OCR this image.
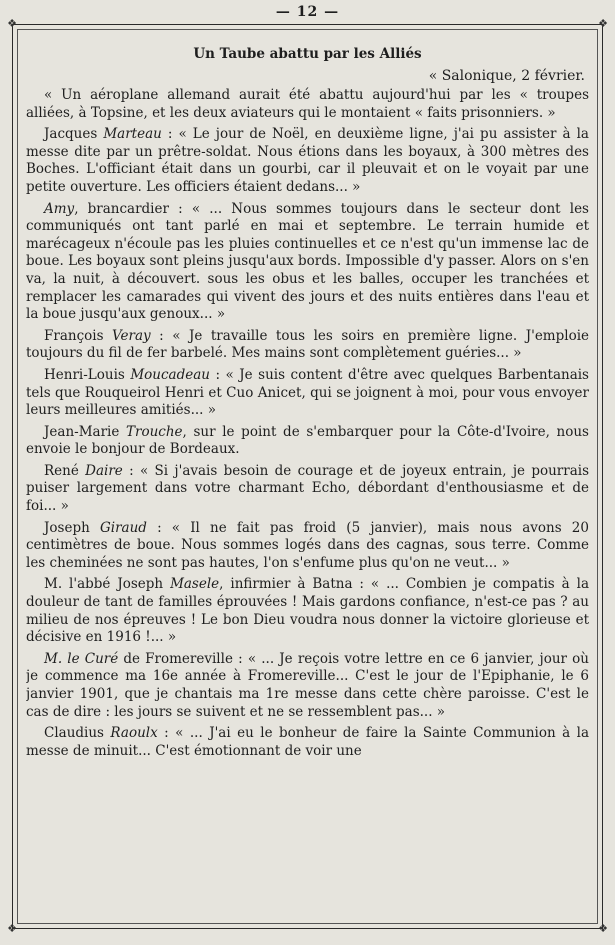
— 12 —
❖	❖
❖	❖

Un Taube abattu par les Alliés

« Salonique, 2 février.

« Un aéroplane allemand aurait été abattu aujourd'hui par les « troupes alliées, à Topsine, et les deux aviateurs qui le montaient « faits prisonniers. »

Jacques Marteau : « Le jour de Noël, en deuxième ligne, j'ai pu assister à la messe dite par un prêtre-soldat. Nous étions dans les boyaux, à 300 mètres des Boches. L'officiant était dans un gourbi, car il pleuvait et on le voyait par une petite ouverture. Les officiers étaient dedans... »

Amy, brancardier : « ... Nous sommes toujours dans le secteur dont les communiqués ont tant parlé en mai et septembre. Le terrain humide et marécageux n'écoule pas les pluies continuelles et ce n'est qu'un immense lac de boue. Les boyaux sont pleins jusqu'aux bords. Impossible d'y passer. Alors on s'en va, la nuit, à découvert. sous les obus et les balles, occuper les tranchées et remplacer les camarades qui vivent des jours et des nuits entières dans l'eau et la boue jusqu'aux genoux... »

François Veray : « Je travaille tous les soirs en première ligne. J'emploie toujours du fil de fer barbelé. Mes mains sont complètement guéries... »

Henri-Louis Moucadeau : « Je suis content d'être avec quelques Barbentanais tels que Rouqueirol Henri et Cuo Anicet, qui se joignent à moi, pour vous envoyer leurs meilleures amitiés... »

Jean-Marie Trouche, sur le point de s'embarquer pour la Côte-d'Ivoire, nous envoie le bonjour de Bordeaux.

René Daire : « Si j'avais besoin de courage et de joyeux entrain, je pourrais puiser largement dans votre charmant Echo, débordant d'enthousiasme et de foi... »

Joseph Giraud : « Il ne fait pas froid (5 janvier), mais nous avons 20 centimètres de boue. Nous sommes logés dans des cagnas, sous terre. Comme les cheminées ne sont pas hautes, l'on s'enfume plus qu'on ne veut... »

M. l'abbé Joseph Masele, infirmier à Batna : « ... Combien je compatis à la douleur de tant de familles éprouvées ! Mais gardons confiance, n'est-ce pas ? au milieu de nos épreuves ! Le bon Dieu voudra nous donner la victoire glorieuse et décisive en 1916 !... »

M. le Curé de Fromereville : « ... Je reçois votre lettre en ce 6 janvier, jour où je commence ma 16e année à Fromereville... C'est le jour de l'Epiphanie, le 6 janvier 1901, que je chantais ma 1re messe dans cette chère paroisse. C'est le cas de dire : les jours se suivent et ne se ressemblent pas... »

Claudius Raoulx : « ... J'ai eu le bonheur de faire la Sainte Communion à la messe de minuit... C'est émotionnant de voir une
